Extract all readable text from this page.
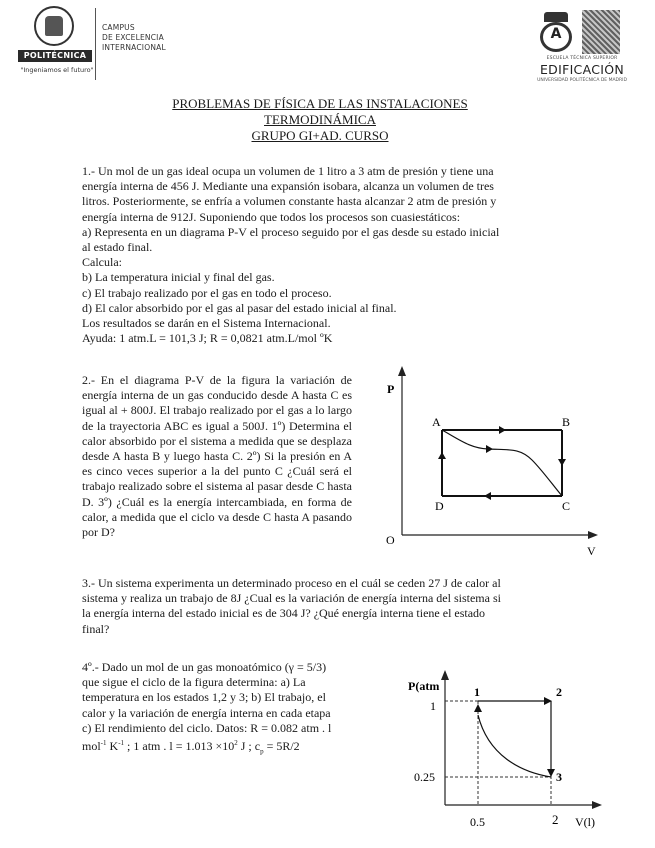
POLITÉCNICA
"Ingeniamos el futuro"
CAMPUS
DE EXCELENCIA
INTERNACIONAL
A
ESCUELA TÉCNICA SUPERIOR
EDIFICACIÓN
UNIVERSIDAD POLITÉCNICA DE MADRID
PROBLEMAS DE FÍSICA DE LAS INSTALACIONES
TERMODINÁMICA
GRUPO GI+AD. CURSO
1.- Un mol de un gas ideal ocupa un volumen de 1 litro a 3 atm de presión y tiene una
energía interna de 456 J. Mediante una expansión isobara, alcanza un volumen de tres
litros. Posteriormente, se enfría a volumen constante hasta alcanzar 2 atm de presión y
energía interna de 912J. Suponiendo que todos los procesos son cuasiestáticos:
a) Representa en un diagrama P-V el proceso seguido por el gas desde su estado inicial
al estado final.
Calcula:
b) La temperatura inicial y final del gas.
c) El trabajo realizado por el gas en todo el proceso.
d) El calor absorbido por el gas al pasar del estado inicial al final.
Los resultados se darán en el Sistema Internacional.
Ayuda: 1 atm.L = 101,3 J; R = 0,0821 atm.L/mol ºK
2.- En el diagrama P-V de la figura la variación de energía interna de un gas conducido desde A hasta C es igual al + 800J. El trabajo realizado por el gas a lo largo de la trayectoria ABC es igual a 500J. 1º) Determina el calor absorbido por el sistema a medida que se desplaza desde A hasta B y luego hasta C. 2º) Si la presión en A es cinco veces superior a la del punto C ¿Cuál será el trabajo realizado sobre el sistema al pasar desde C hasta D. 3º) ¿Cuál es la energía intercambiada, en forma de calor, a medida que el ciclo va desde C hasta A pasando por D?
P
V
O
A	B
C
D
3.- Un sistema experimenta un determinado proceso en el cuál se ceden 27 J de calor al
sistema y realiza un trabajo de 8J ¿Cual es la variación de energía interna del sistema si
la energía interna del estado inicial es de 304 J? ¿Qué energía interna tiene el estado
final?
4º.- Dado un mol de un gas monoatómico (γ = 5/3)
que sigue el ciclo de la figura determina: a) La
temperatura en los estados 1,2 y 3; b) El trabajo, el
calor y la variación de energía interna en cada etapa
c) El rendimiento del ciclo. Datos: R = 0.082 atm . l
mol$^{-1}$ $K^{-1}$ ; 1 atm . $l = 1.013 \times 10^2$ J ; $c_p = 5R/2$
P(atm
V(l)
1
0.25
0.5	2
1	2
3
